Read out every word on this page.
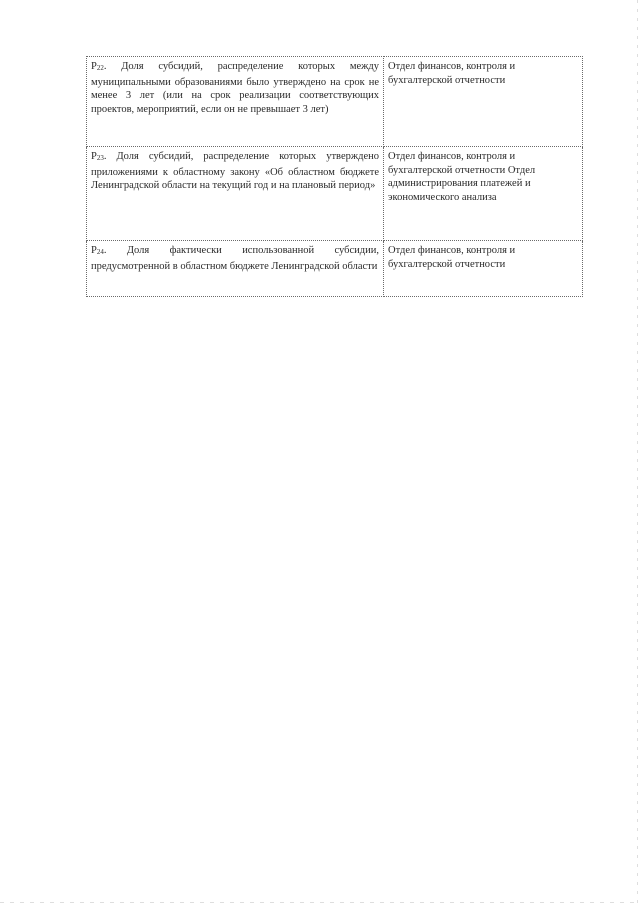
P22. Доля субсидий, распределение которых между муниципальными образованиями было утверждено на срок не менее 3 лет (или на срок реализации соответствующих проектов, мероприятий, если он не превышает 3 лет)	Отдел финансов, контроля и бухгалтерской отчетности
P23. Доля субсидий, распределение которых утверждено приложениями к областному закону «Об областном бюджете Ленинградской области на текущий год и на плановый период»	Отдел финансов, контроля и бухгалтерской отчетности Отдел администрирования платежей и экономического анализа
P24. Доля фактически использованной субсидии, предусмотренной в областном бюджете Ленинградской области	Отдел финансов, контроля и бухгалтерской отчетности
